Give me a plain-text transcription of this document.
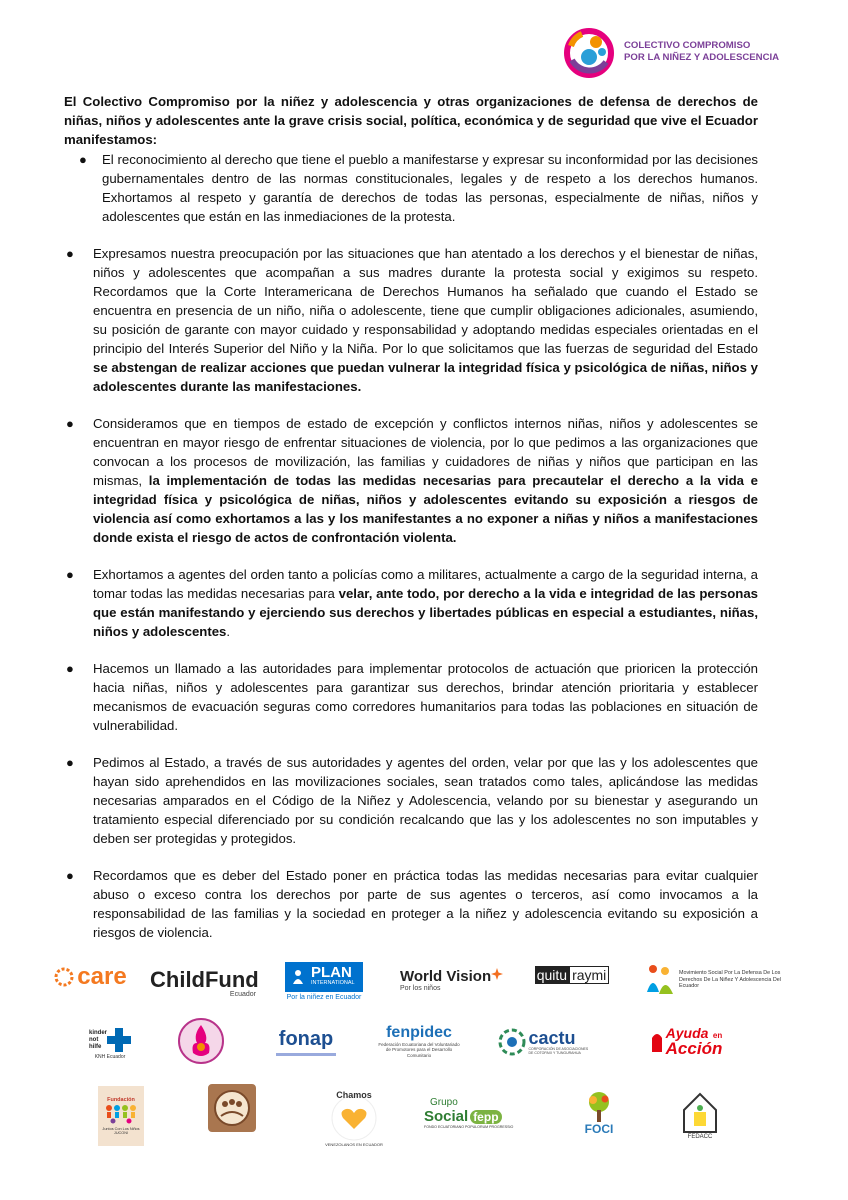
COLECTIVO COMPROMISO
POR LA NIÑEZ Y ADOLESCENCIA

El Colectivo Compromiso por la niñez y adolescencia y otras organizaciones de defensa de derechos de niñas, niños y adolescentes ante la grave crisis social, política, económica y de seguridad que vive el Ecuador manifestamos:

● El reconocimiento al derecho que tiene el pueblo a manifestarse y expresar su inconformidad por las decisiones gubernamentales dentro de las normas constitucionales, legales y de respeto a los derechos humanos. Exhortamos al respeto y garantía de derechos de todas las personas, especialmente de niñas, niños y adolescentes que están en las inmediaciones de la protesta.

● Expresamos nuestra preocupación por las situaciones que han atentado a los derechos y el bienestar de niñas, niños y adolescentes que acompañan a sus madres durante la protesta social y exigimos su respeto. Recordamos que la Corte Interamericana de Derechos Humanos ha señalado que cuando el Estado se encuentra en presencia de un niño, niña o adolescente, tiene que cumplir obligaciones adicionales, asumiendo, su posición de garante con mayor cuidado y responsabilidad y adoptando medidas especiales orientadas en el principio del Interés Superior del Niño y la Niña. Por lo que solicitamos que las fuerzas de seguridad del Estado se abstengan de realizar acciones que puedan vulnerar la integridad física y psicológica de niñas, niños y adolescentes durante las manifestaciones.

● Consideramos que en tiempos de estado de excepción y conflictos internos niñas, niños y adolescentes se encuentran en mayor riesgo de enfrentar situaciones de violencia, por lo que pedimos a las organizaciones que convocan a los procesos de movilización, las familias y cuidadores de niñas y niños que participan en las mismas, la implementación de todas las medidas necesarias para precautelar el derecho a la vida e integridad física y psicológica de niñas, niños y adolescentes evitando su exposición a riesgos de violencia así como exhortamos a las y los manifestantes a no exponer a niñas y niños a manifestaciones donde exista el riesgo de actos de confrontación violenta.

● Exhortamos a agentes del orden tanto a policías como a militares, actualmente a cargo de la seguridad interna, a tomar todas las medidas necesarias para velar, ante todo, por derecho a la vida e integridad de las personas que están manifestando y ejerciendo sus derechos y libertades públicas en especial a estudiantes, niñas, niños y adolescentes.

● Hacemos un llamado a las autoridades para implementar protocolos de actuación que prioricen la protección hacia niñas, niños y adolescentes para garantizar sus derechos, brindar atención prioritaria y establecer mecanismos de evacuación seguras como corredores humanitarios para todas las poblaciones en situación de vulnerabilidad.

● Pedimos al Estado, a través de sus autoridades y agentes del orden, velar por que las y los adolescentes que hayan sido aprehendidos en las movilizaciones sociales, sean tratados como tales, aplicándose las medidas necesarias amparados en el Código de la Niñez y Adolescencia, velando por su bienestar y asegurando un tratamiento especial diferenciado por su condición recalcando que las y los adolescentes no son imputables y deben ser protegidas y protegidos.

● Recordamos que es deber del Estado poner en práctica todas las medidas necesarias para evitar cualquier abuso o exceso contra los derechos por parte de sus agentes o terceros, así como invocamos a la responsabilidad de las familias y la sociedad en proteger a la niñez y adolescencia evitando su exposición a riesgos de violencia.

care ChildFund
Ecuador
PLAN
INTERNATIONAL
Por la niñez en Ecuador
World Vision
Por los niños
quitu raymi	Movimiento Social Por La Defensa De Los Derechos De La Niñez Y Adolescencia Del Ecuador
kinder
not
hilfe
KNH Ecuador
fonap	fenpidec
Federación Ecuatoriana del Voluntariado de Promotores para el Desarrollo Comunitario
cactu
CORPORACIÓN DE ASOCIACIONES DE COTOPAXI Y TUNGURAHUA
Ayuda en
Acción
Fundación
Juntos Con Los Niños
JUCONI
Chamos
VENEZOLANOS EN ECUADOR
Grupo
Social fepp
FONDO ECUATORIANO POPULORUM PROGRESSIO	FOCI
FEDACC
